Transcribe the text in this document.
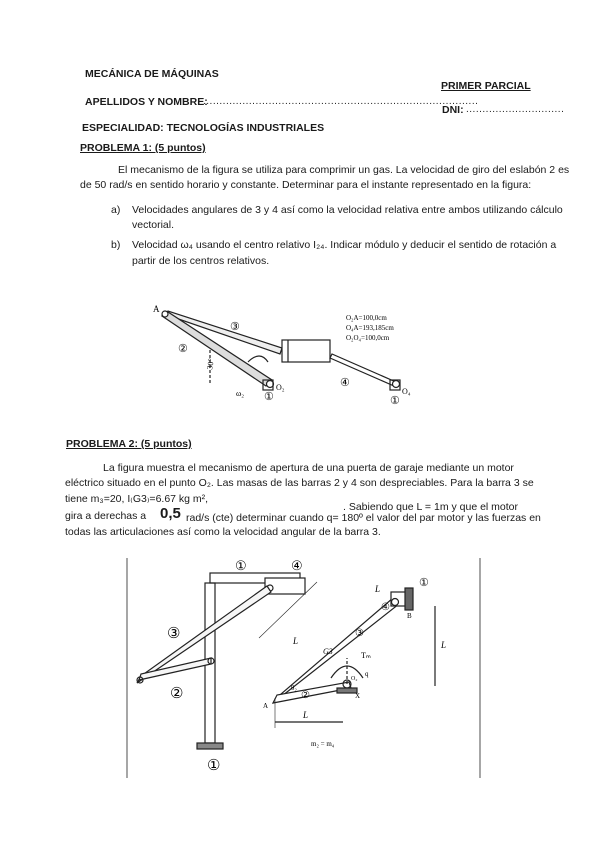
MECÁNICA DE MÁQUINAS
PRIMER PARCIAL
APELLIDOS Y NOMBRE:
....................................................................................
DNI: ..............................
ESPECIALIDAD: TECNOLOGÍAS INDUSTRIALES
PROBLEMA 1: (5 puntos)
El mecanismo de la figura se utiliza para comprimir un gas. La velocidad de giro del eslabón 2 es
de 50 rad/s en sentido horario y constante. Determinar para el instante representado en la figura:
a) Velocidades angulares de 3 y 4 así como la velocidad relativa entre ambos utilizando cálculo
vectorial.
b) Velocidad ω₄ usando el centro relativo I₂₄. Indicar módulo y deducir el sentido de rotación a
partir de los centros relativos.
A
②
③
④
①	①
30°
ω₂
O₂	O₄
O₂A=100,0cm
O₄A=193,185cm
O₂O₄=100,0cm
PROBLEMA 2: (5 puntos)
La figura muestra el mecanismo de apertura de una puerta de garaje mediante un motor
eléctrico situado en el punto O₂. Las masas de las barras 2 y 4 son despreciables. Para la barra 3 se
tiene m₃=20, I₍G3₎=6.67 kg m²,
. Sabiendo que L = 1m y que el motor
gira a derechas a 0,5 rad/s (cte) determinar cuando q= 180º el valor del par motor y las fuerzas en
todas las articulaciones así como la velocidad angular de la barra 3.
①	④
③
②
①
①
④
③
②
L
L	L
L
G3
A
B
X
Tₘ
q
θ₂
O₂
m₂ = m₄
